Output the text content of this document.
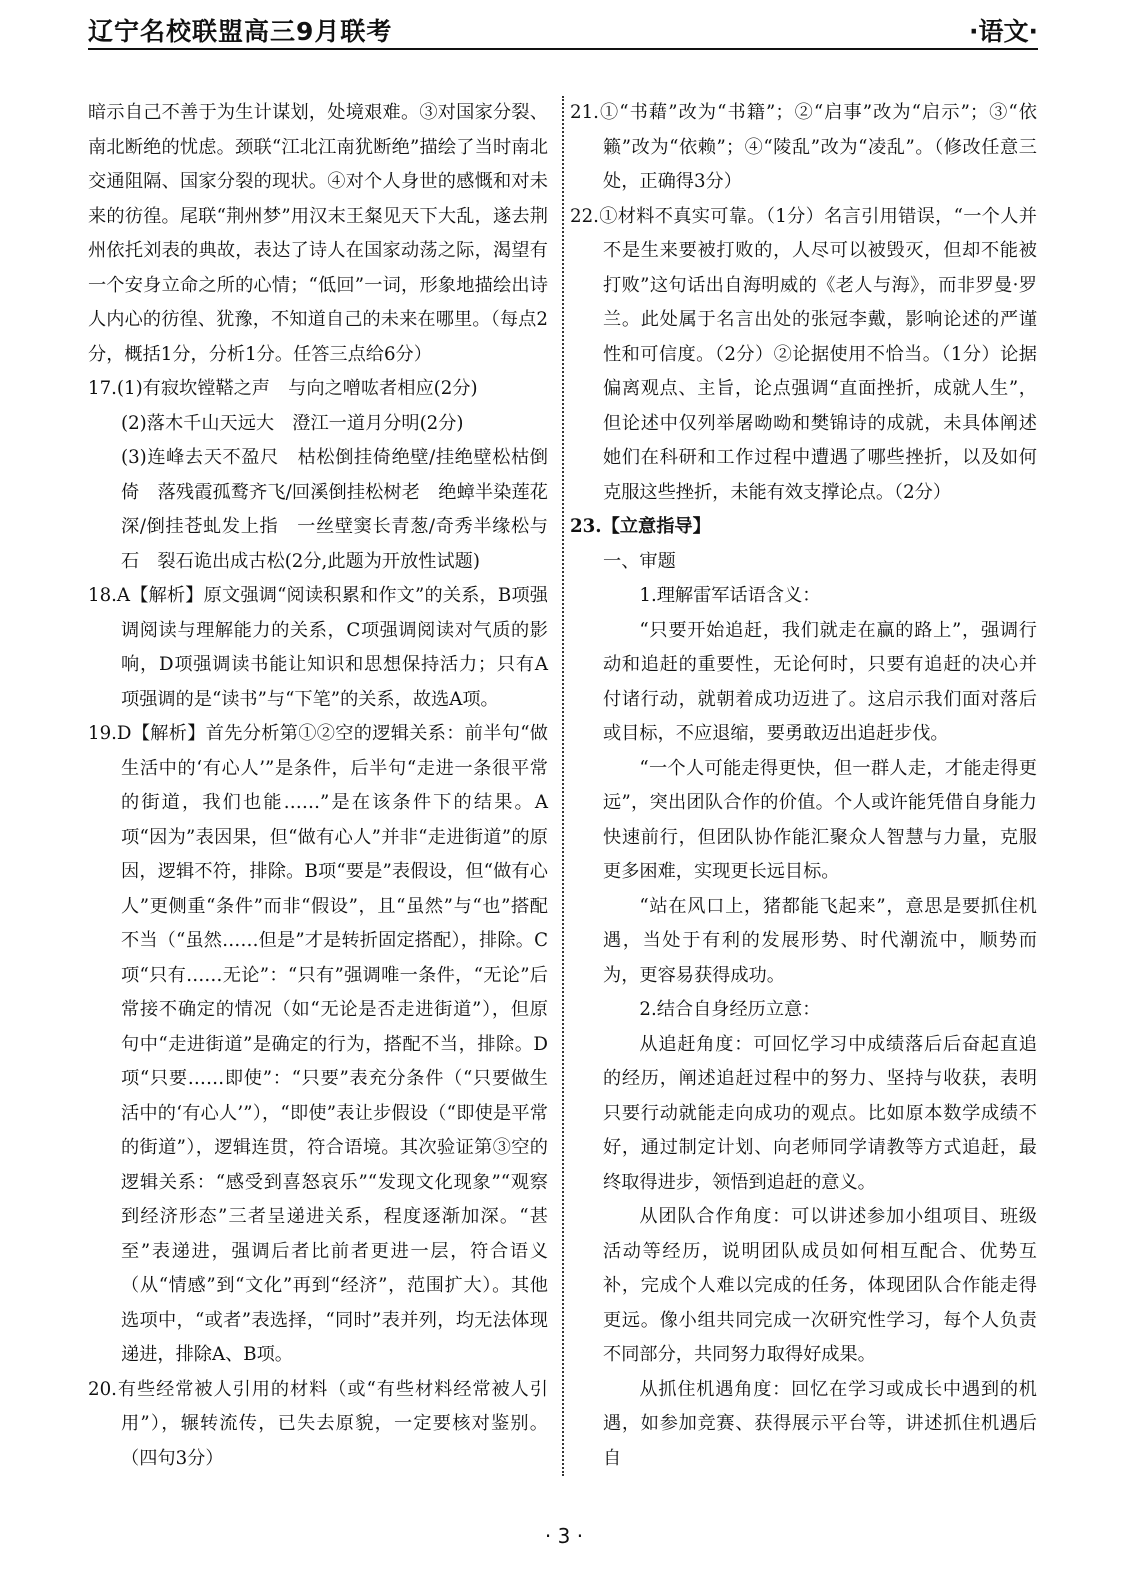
辽宁名校联盟高三9月联考	·语文·

暗示自己不善于为生计谋划，处境艰难。③对国家分裂、南北断绝的忧虑。颈联“江北江南犹断绝”描绘了当时南北交通阻隔、国家分裂的现状。④对个人身世的感慨和对未来的彷徨。尾联“荆州梦”用汉末王粲见天下大乱，遂去荆州依托刘表的典故，表达了诗人在国家动荡之际，渴望有一个安身立命之所的心情；“低回”一词，形象地描绘出诗人内心的彷徨、犹豫，不知道自己的未来在哪里。（每点2分，概括1分，分析1分。任答三点给6分）

17.(1)有寂坎镗鞳之声　与向之噌吰者相应(2分)

(2)落木千山天远大　澄江一道月分明(2分)

(3)连峰去天不盈尺　枯松倒挂倚绝壁/挂绝壁松枯倒倚　落残霞孤鹜齐飞/回溪倒挂松树老　绝蟑半染莲花深/倒挂苍虬发上指　一丝壁窦长青葱/奇秀半缘松与石　裂石诡出成古松(2分,此题为开放性试题)

18.A【解析】原文强调“阅读积累和作文”的关系，B项强调阅读与理解能力的关系，C项强调阅读对气质的影响，D项强调读书能让知识和思想保持活力；只有A项强调的是“读书”与“下笔”的关系，故选A项。

19.D【解析】首先分析第①②空的逻辑关系：前半句“做生活中的‘有心人’”是条件，后半句“走进一条很平常的街道，我们也能……”是在该条件下的结果。A项“因为”表因果，但“做有心人”并非“走进街道”的原因，逻辑不符，排除。B项“要是”表假设，但“做有心人”更侧重“条件”而非“假设”，且“虽然”与“也”搭配不当（“虽然……但是”才是转折固定搭配），排除。C项“只有……无论”：“只有”强调唯一条件，“无论”后常接不确定的情况（如“无论是否走进街道”），但原句中“走进街道”是确定的行为，搭配不当，排除。D项“只要……即使”：“只要”表充分条件（“只要做生活中的‘有心人’”），“即使”表让步假设（“即使是平常的街道”），逻辑连贯，符合语境。其次验证第③空的逻辑关系：“感受到喜怒哀乐”“发现文化现象”“观察到经济形态”三者呈递进关系，程度逐渐加深。“甚至”表递进，强调后者比前者更进一层，符合语义（从“情感”到“文化”再到“经济”，范围扩大）。其他选项中，“或者”表选择，“同时”表并列，均无法体现递进，排除A、B项。

20.有些经常被人引用的材料（或“有些材料经常被人引用”），辗转流传，已失去原貌，一定要核对鉴别。（四句3分）

21.①“书藉”改为“书籍”；②“启事”改为“启示”；③“依籁”改为“依赖”；④“陵乱”改为“凌乱”。（修改任意三处，正确得3分）

22.①材料不真实可靠。（1分）名言引用错误，“一个人并不是生来要被打败的，人尽可以被毁灭，但却不能被打败”这句话出自海明威的《老人与海》，而非罗曼·罗兰。此处属于名言出处的张冠李戴，影响论述的严谨性和可信度。（2分）②论据使用不恰当。（1分）论据偏离观点、主旨，论点强调“直面挫折，成就人生”，但论述中仅列举屠呦呦和樊锦诗的成就，未具体阐述她们在科研和工作过程中遭遇了哪些挫折，以及如何克服这些挫折，未能有效支撑论点。（2分）

23.【立意指导】

一、审题

1.理解雷军话语含义：

“只要开始追赶，我们就走在赢的路上”，强调行动和追赶的重要性，无论何时，只要有追赶的决心并付诸行动，就朝着成功迈进了。这启示我们面对落后或目标，不应退缩，要勇敢迈出追赶步伐。

“一个人可能走得更快，但一群人走，才能走得更远”，突出团队合作的价值。个人或许能凭借自身能力快速前行，但团队协作能汇聚众人智慧与力量，克服更多困难，实现更长远目标。

“站在风口上，猪都能飞起来”，意思是要抓住机遇，当处于有利的发展形势、时代潮流中，顺势而为，更容易获得成功。

2.结合自身经历立意：

从追赶角度：可回忆学习中成绩落后后奋起直追的经历，阐述追赶过程中的努力、坚持与收获，表明只要行动就能走向成功的观点。比如原本数学成绩不好，通过制定计划、向老师同学请教等方式追赶，最终取得进步，领悟到追赶的意义。

从团队合作角度：可以讲述参加小组项目、班级活动等经历，说明团队成员如何相互配合、优势互补，完成个人难以完成的任务，体现团队合作能走得更远。像小组共同完成一次研究性学习，每个人负责不同部分，共同努力取得好成果。

从抓住机遇角度：回忆在学习或成长中遇到的机遇，如参加竞赛、获得展示平台等，讲述抓住机遇后自

· 3 ·
